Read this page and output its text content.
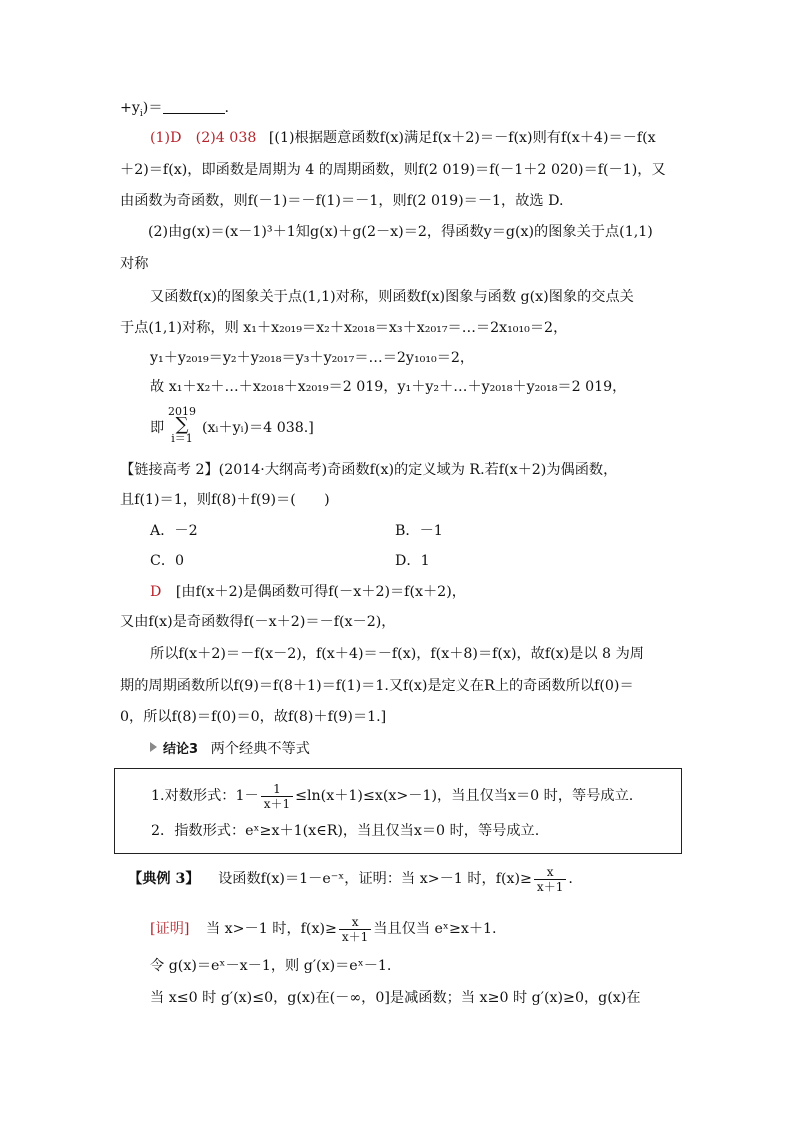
$+y_i)=$	.
(1)D　(2)4 038 [(1)根据题意函数f(x)满足f(x＋2)＝－f(x)则有f(x＋4)＝－f(x
＋2)＝f(x)，即函数是周期为 4 的周期函数，则f(2 019)＝f(－1＋2 020)＝f(－1)，又
由函数为奇函数，则f(－1)＝－f(1)＝－1，则f(2 019)＝－1，故选 D.
(2)由g(x)＝(x－1)³＋1知g(x)＋g(2－x)＝2，得函数y＝g(x)的图象关于点(1,1)
对称
又函数f(x)的图象关于点(1,1)对称，则函数f(x)图象与函数 g(x)图象的交点关
于点(1,1)对称，则 x₁＋x₂₀₁₉＝x₂＋x₂₀₁₈＝x₃＋x₂₀₁₇＝…＝2x₁₀₁₀＝2，
y₁＋y₂₀₁₉＝y₂＋y₂₀₁₈＝y₃＋y₂₀₁₇＝…＝2y₁₀₁₀＝2，
故 x₁＋x₂＋…＋x₂₀₁₈＋x₂₀₁₉＝2 019，y₁＋y₂＋…＋y₂₀₁₈＋y₂₀₁₈＝2 019，
即
2019
∑
i＝1
(xᵢ＋yᵢ)＝4 038.]
【链接高考 2】(2014·大纲高考)奇函数f(x)的定义域为 R.若f(x＋2)为偶函数，
且f(1)＝1，则f(8)＋f(9)＝(　　)
A．－2	B．－1
C．0	D．1
D [由f(x＋2)是偶函数可得f(－x＋2)＝f(x＋2)，
又由f(x)是奇函数得f(－x＋2)＝－f(x－2)，
所以f(x＋2)＝－f(x－2)，f(x＋4)＝－f(x)，f(x＋8)＝f(x)，故f(x)是以 8 为周
期的周期函数所以f(9)＝f(8＋1)＝f(1)＝1.又f(x)是定义在R上的奇函数所以f(0)＝
0，所以f(8)＝f(0)＝0，故f(8)＋f(9)＝1.]
结论3 两个经典不等式
1.对数形式：$1- \frac{1}{x+1} \le\ln(x+1)\le x(x>-1)$，当且仅当x＝0 时，等号成立.
2．指数形式：eˣ≥x＋1(x∈R)，当且仅当x＝0 时，等号成立.
【典例 3】 设函数f(x)＝1－e⁻ˣ，证明：当 x>－1 时，$f(x)\ge \frac{x}{x+1}$ .
[证明] 当 x>－1 时，$f(x)\ge \frac{x}{x+1}$ 当且仅当 eˣ≥x＋1.
令 g(x)＝eˣ－x－1，则 g′(x)＝eˣ－1.
当 x≤0 时 g′(x)≤0，g(x)在(－∞，0]是减函数；当 x≥0 时 g′(x)≥0，g(x)在
